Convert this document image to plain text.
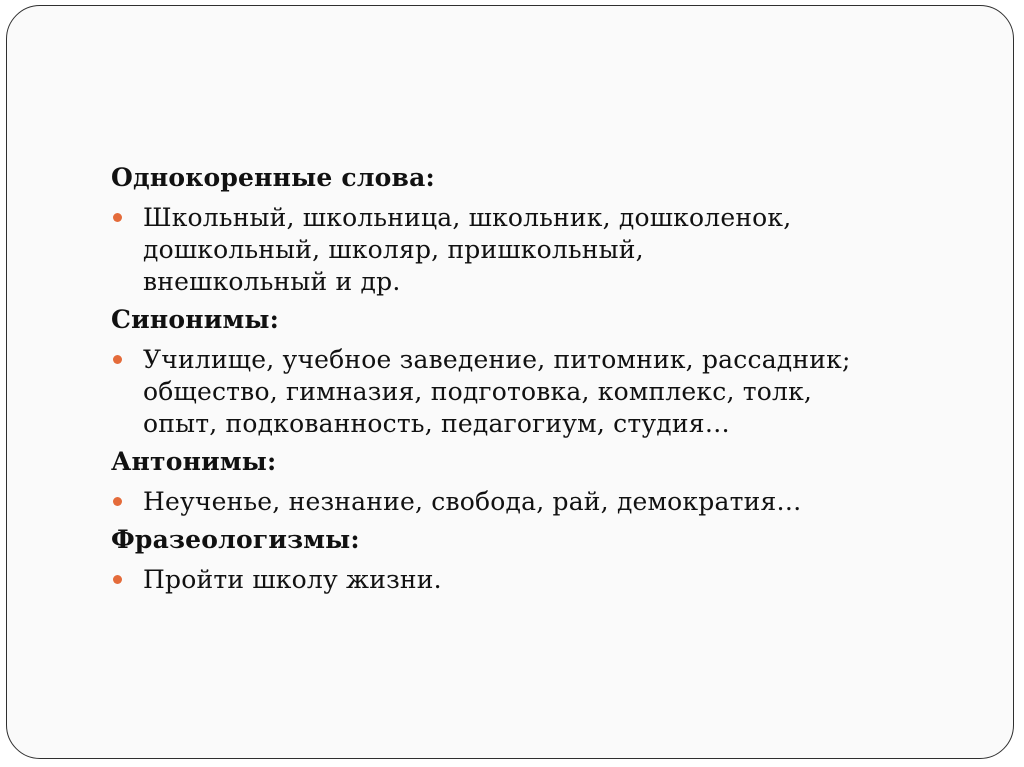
Однокоренные слова:
Школьный, школьница, школьник, дошколенок,
дошкольный, школяр, пришкольный,
внешкольный и др.
Синонимы:
Училище, учебное заведение, питомник, рассадник;
общество, гимназия, подготовка, комплекс, толк,
опыт, подкованность, педагогиум, студия…
Антонимы:
Неученье, незнание, свобода, рай, демократия…
Фразеологизмы:
Пройти школу жизни.
